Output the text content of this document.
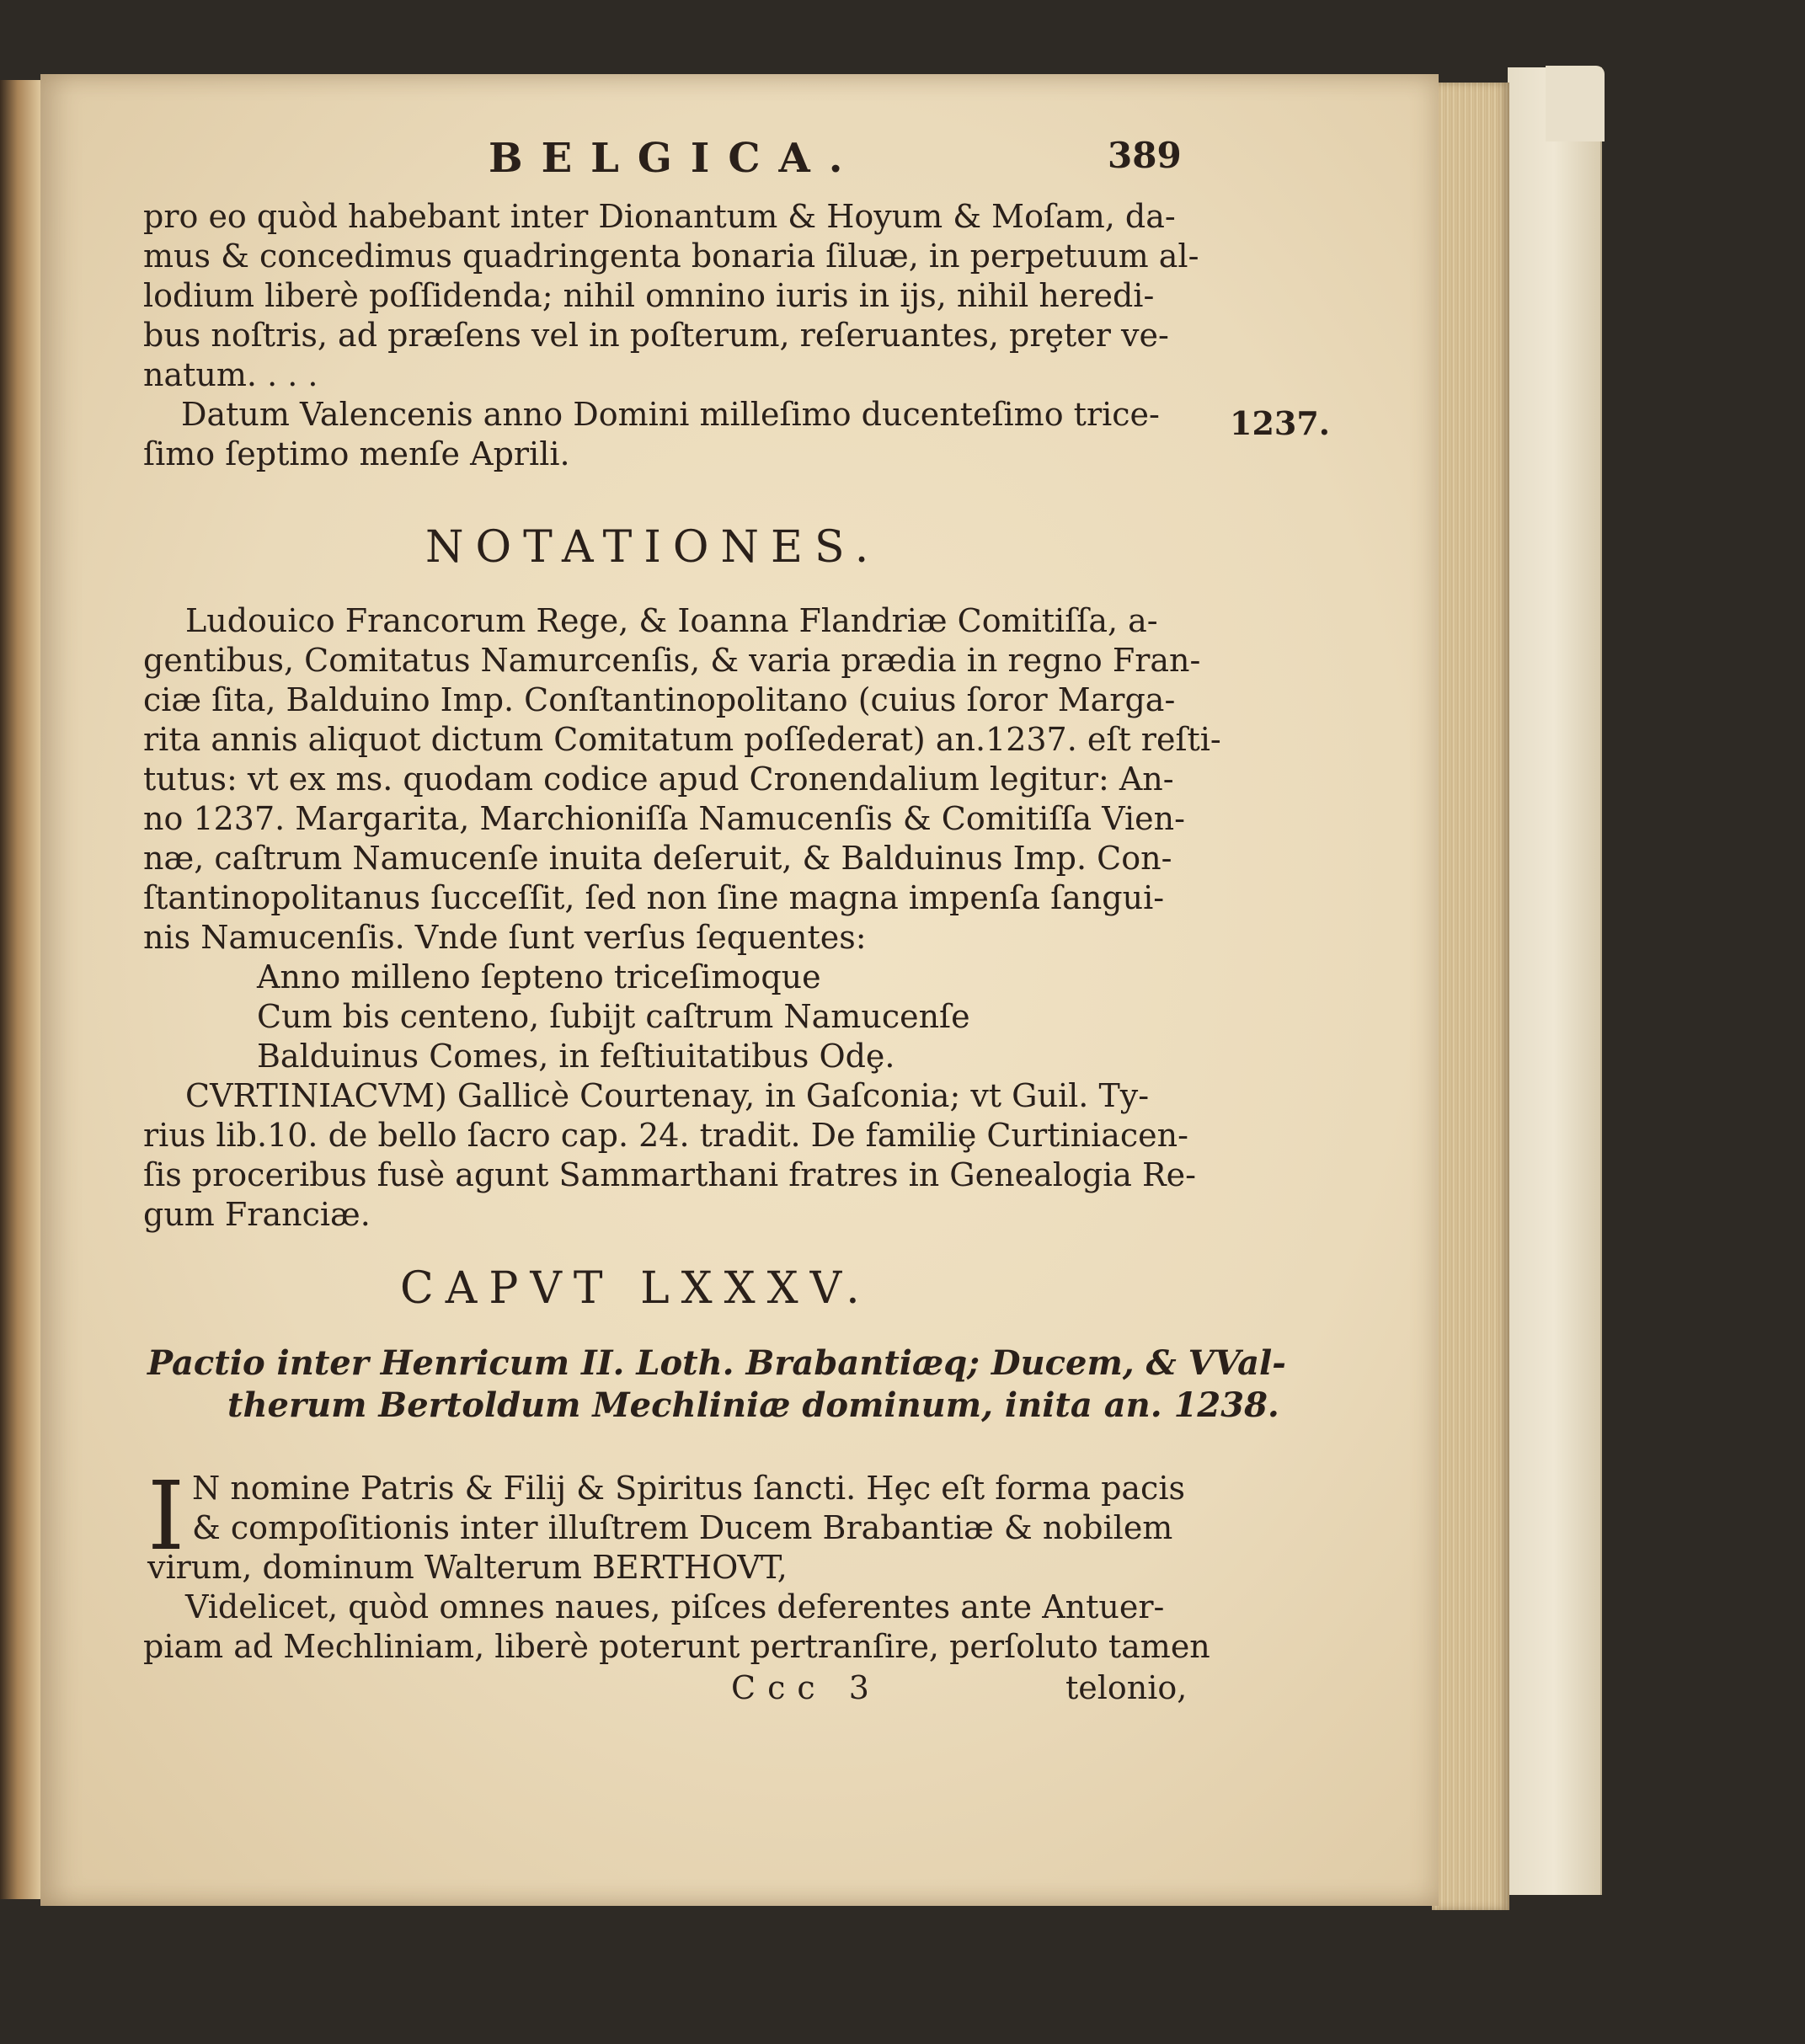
BELGICA.	389
pro eo quòd habebant inter Dionantum & Hoyum & Moſam, da-
mus & concedimus quadringenta bonaria ſiluæ, in perpetuum al-
lodium liberè poſſidenda; nihil omnino iuris in ijs, nihil heredi-
bus noſtris, ad præſens vel in poſterum, reſeruantes, prȩter ve-
natum. . . .
Datum Valencenis anno Domini milleſimo ducenteſimo trice-
ſimo ſeptimo menſe Aprili.
1237.
NOTATIONES.
Ludouico Francorum Rege, & Ioanna Flandriæ Comitiſſa, a-
gentibus, Comitatus Namurcenſis, & varia prædia in regno Fran-
ciæ ſita, Balduino Imp. Conſtantinopolitano (cuius ſoror Marga-
rita annis aliquot dictum Comitatum poſſederat) an.1237. eſt reſti-
tutus: vt ex ms. quodam codice apud Cronendalium legitur: An-
no 1237. Margarita, Marchioniſſa Namucenſis & Comitiſſa Vien-
næ, caſtrum Namucenſe inuita deſeruit, & Balduinus Imp. Con-
ſtantinopolitanus ſucceſſit, ſed non ſine magna impenſa ſangui-
nis Namucenſis. Vnde ſunt verſus ſequentes:
Anno milleno ſepteno triceſimoque
Cum bis centeno, ſubijt caſtrum Namucenſe
Balduinus Comes, in feſtiuitatibus Odȩ.
CVRTINIACVM) Gallicè Courtenay, in Gaſconia; vt Guil. Ty-
rius lib.10. de bello ſacro cap. 24. tradit. De familiȩ Curtiniacen-
ſis proceribus fusè agunt Sammarthani fratres in Genealogia Re-
gum Franciæ.
CAPVT LXXXV.
Pactio inter Henricum II. Loth. Brabantiæq; Ducem, & VVal-
therum Bertoldum Mechliniæ dominum, inita an. 1238.
I N nomine Patris & Filij & Spiritus ſancti. Hȩc eſt forma pacis
& compoſitionis inter illuſtrem Ducem Brabantiæ & nobilem
virum, dominum Walterum BERTHOVT,
Videlicet, quòd omnes naues, piſces deferentes ante Antuer-
piam ad Mechliniam, liberè poterunt pertranſire, perſoluto tamen
Ccc 3	telonio,
